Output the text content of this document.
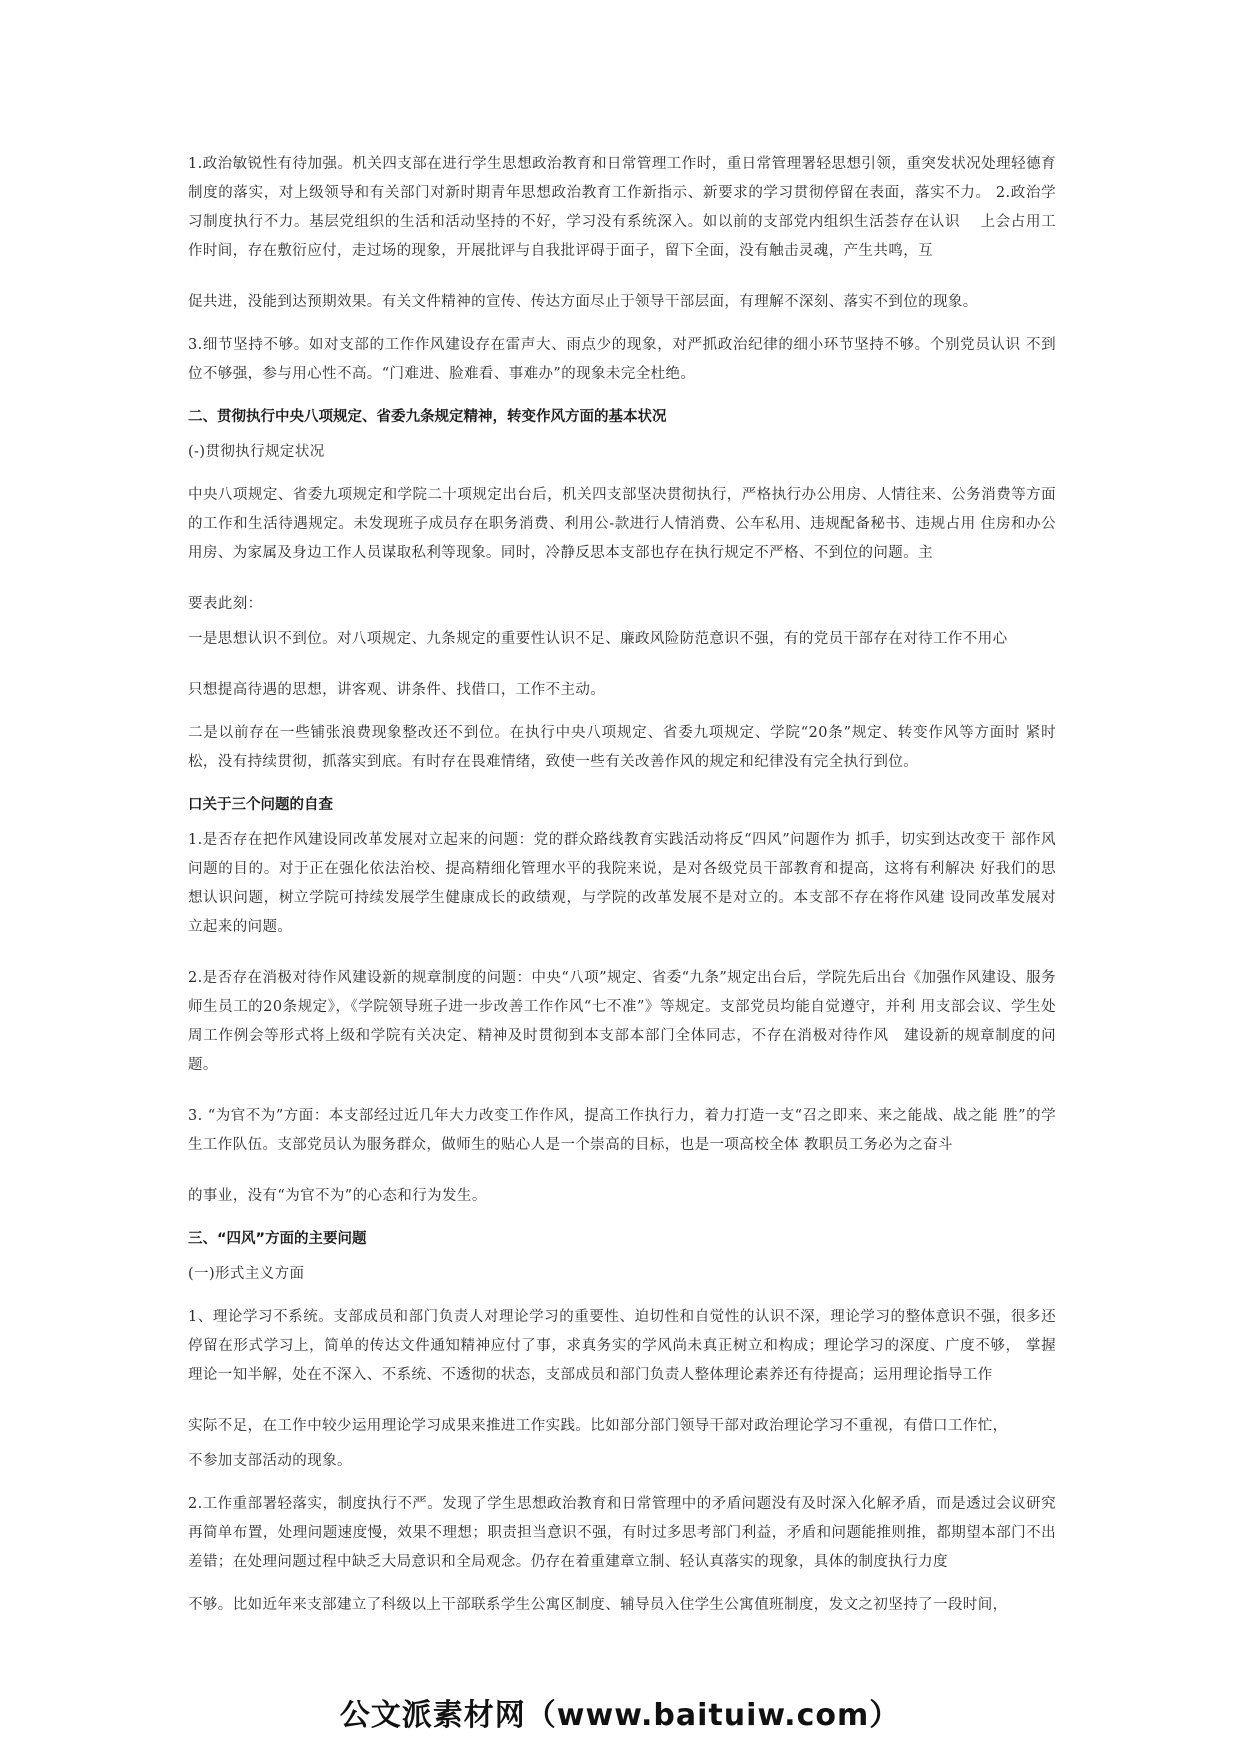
1.政治敏锐性有待加强。机关四支部在进行学生思想政治教育和日常管理工作时，重日常管理署轻思想引领，重突发状况处理轻德育制度的落实，对上级领导和有关部门对新时期青年思想政治教育工作新指示、新要求的学习贯彻停留在表面，落实不力。 2.政治学习制度执行不力。基层党组织的生活和活动坚持的不好，学习没有系统深入。如以前的支部党内组织生活荟存在认识　 上会占用工作时间，存在敷衍应付，走过场的现象，开展批评与自我批评碍于面子，留下全面，没有触击灵魂，产生共鸣，互

促共进，没能到达预期效果。有关文件精神的宣传、传达方面尽止于领导干部层面，有理解不深刻、落实不到位的现象。

3.细节坚持不够。如对支部的工作作风建设存在雷声大、雨点少的现象，对严抓政治纪律的细小环节坚持不够。个别党员认识 不到位不够强，参与用心性不高。“门难进、脸难看、事难办”的现象未完全杜绝。

二、贯彻执行中央八项规定、省委九条规定精神，转变作风方面的基本状况

(-)贯彻执行规定状况

中央八项规定、省委九项规定和学院二十项规定出台后，机关四支部坚决贯彻执行，严格执行办公用房、人情往来、公务消费等方面的工作和生活待遇规定。未发现班子成员存在职务消费、利用公-款进行人情消费、公车私用、违规配备秘书、违规占用 住房和办公用房、为家属及身边工作人员谋取私利等现象。同时，冷静反思本支部也存在执行规定不严格、不到位的问题。主

要表此刻：

一是思想认识不到位。对八项规定、九条规定的重要性认识不足、廉政风险防范意识不强，有的党员干部存在对待工作不用心

只想提高待遇的思想，讲客观、讲条件、找借口，工作不主动。

二是以前存在一些铺张浪费现象整改还不到位。在执行中央八项规定、省委九项规定、学院“20条”规定、转变作风等方面时 紧时松，没有持续贯彻，抓落实到底。有时存在畏难情绪，致使一些有关改善作风的规定和纪律没有完全执行到位。

口关于三个问题的自查

1.是否存在把作风建设同改革发展对立起来的问题：党的群众路线教育实践活动将反“四风”问题作为 抓手，切实到达改变干 部作风问题的目的。对于正在强化依法治校、提高精细化管理水平的我院来说，是对各级党员干部教育和提高，这将有利解决 好我们的思想认识问题，树立学院可持续发展学生健康成长的政绩观，与学院的改革发展不是对立的。本支部不存在将作风建 设同改革发展对立起来的问题。

2.是否存在消极对待作风建设新的规章制度的问题：中央“八项”规定、省委“九条”规定出台后，学院先后出台《加强作风建设、服务师生员工的20条规定》，《学院领导班子进一步改善工作作风“七不准”》等规定。支部党员均能自觉遵守，并利 用支部会议、学生处周工作例会等形式将上级和学院有关决定、精神及时贯彻到本支部本部门全体同志，不存在消极对待作风　建设新的规章制度的问题。

3. “为官不为”方面：本支部经过近几年大力改变工作作风，提高工作执行力，着力打造一支“召之即来、来之能战、战之能 胜”的学生工作队伍。支部党员认为服务群众，做师生的贴心人是一个崇高的目标，也是一项高校全体 教职员工务必为之奋斗

的事业，没有“为官不为”的心态和行为发生。

三、“四风”方面的主要问题

(一)形式主义方面

1、理论学习不系统。支部成员和部门负责人对理论学习的重要性、迫切性和自觉性的认识不深，理论学习的整体意识不强，很多还停留在形式学习上，简单的传达文件通知精神应付了事，求真务实的学风尚未真正树立和构成；理论学习的深度、广度不够， 掌握理论一知半解，处在不深入、不系统、不透彻的状态，支部成员和部门负责人整体理论素养还有待提高；运用理论指导工作

实际不足，在工作中较少运用理论学习成果来推进工作实践。比如部分部门领导干部对政治理论学习不重视，有借口工作忙，

不参加支部活动的现象。

2.工作重部署轻落实，制度执行不严。发现了学生思想政治教育和日常管理中的矛盾问题没有及时深入化解矛盾，而是透过会议研究再简单布置，处理问题速度慢，效果不理想；职责担当意识不强，有时过多思考部门利益，矛盾和问题能推则推，都期望本部门不出差错；在处理问题过程中缺乏大局意识和全局观念。仍存在着重建章立制、轻认真落实的现象，具体的制度执行力度

不够。比如近年来支部建立了科级以上干部联系学生公寓区制度、辅导员入住学生公寓值班制度，发文之初坚持了一段时间，

公文派素材网（www.baituiw.com）
